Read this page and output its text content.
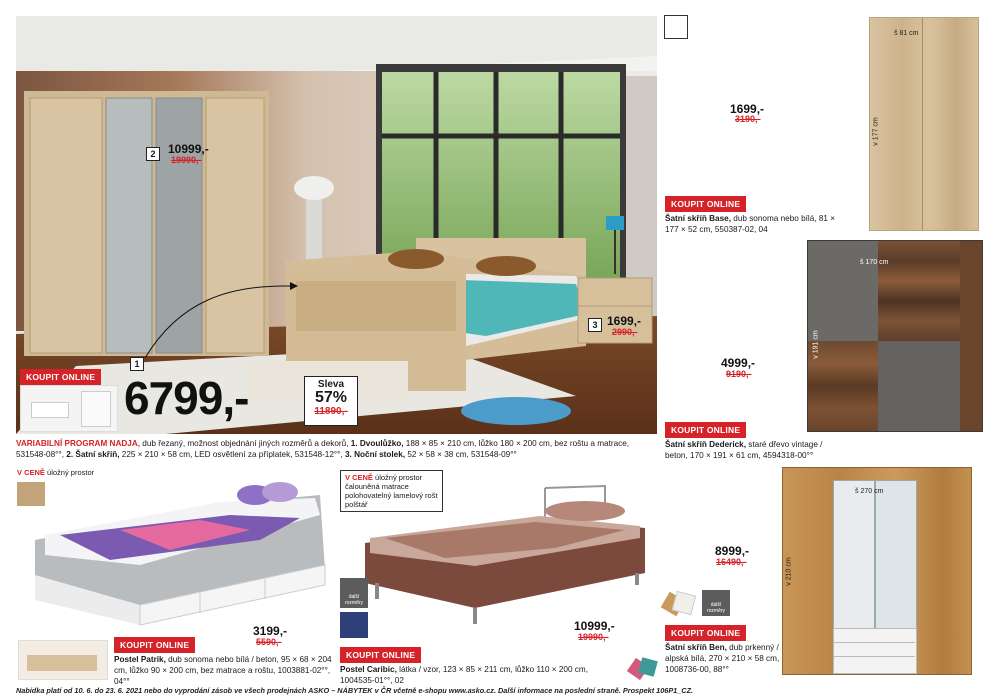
2	10999,-
19990,-
3 1699,-
2990,-
1
KOUPIT ONLINE 6799,-	Sleva
57%
11890,-
VARIABILNÍ PROGRAM NADJA, dub řezaný, možnost objednání jiných rozměrů a dekorů, 1. Dvoulůžko, 188 × 85 × 210 cm, lůžko 180 × 200 cm, bez roštu a matrace, 531548-08°°, 2. Šatní skříň, 225 × 210 × 58 cm, LED osvětlení za příplatek, 531548-12°°, 3. Noční stolek, 52 × 58 × 38 cm, 531548-09°°
1699,-
3190,-
š 81 cm
v 177 cm
KOUPIT ONLINE
Šatní skříň Base, dub sonoma nebo bílá, 81 × 177 × 52 cm, 550387-02, 04
4999,-
9190,-
š 170 cm
v 191 cm
KOUPIT ONLINE
Šatní skříň Dederick, staré dřevo vintage / beton, 170 × 191 × 61 cm, 4594318-00°°
8999,-
16490,-
š 270 cm
v 210 cm
další rozměry
KOUPIT ONLINE
Šatní skříň Ben, dub prkenný / alpská bílá, 270 × 210 × 58 cm, 1008736-00, 88°°
V CENĚ úložný prostor
3199,-
5590,-
KOUPIT ONLINE
Postel Patrik, dub sonoma nebo bílá / beton, 95 × 68 × 204 cm, lůžko 90 × 200 cm, bez matrace a roštu, 1003881-02°°, 04°°
V CENĚ úložný prostor
čalouněná matrace
polohovatelný lamelový rošt
polštář
další rozměry
10999,-
19990,-
KOUPIT ONLINE
Postel Caribic, látka / vzor, 123 × 85 × 211 cm, lůžko 110 × 200 cm, 1004535-01°°, 02
Nabídka platí od 10. 6. do 23. 6. 2021 nebo do vyprodání zásob ve všech prodejnách ASKO – NÁBYTEK v ČR včetně e-shopu www.asko.cz. Další informace na poslední straně. Prospekt 106P1_CZ.
